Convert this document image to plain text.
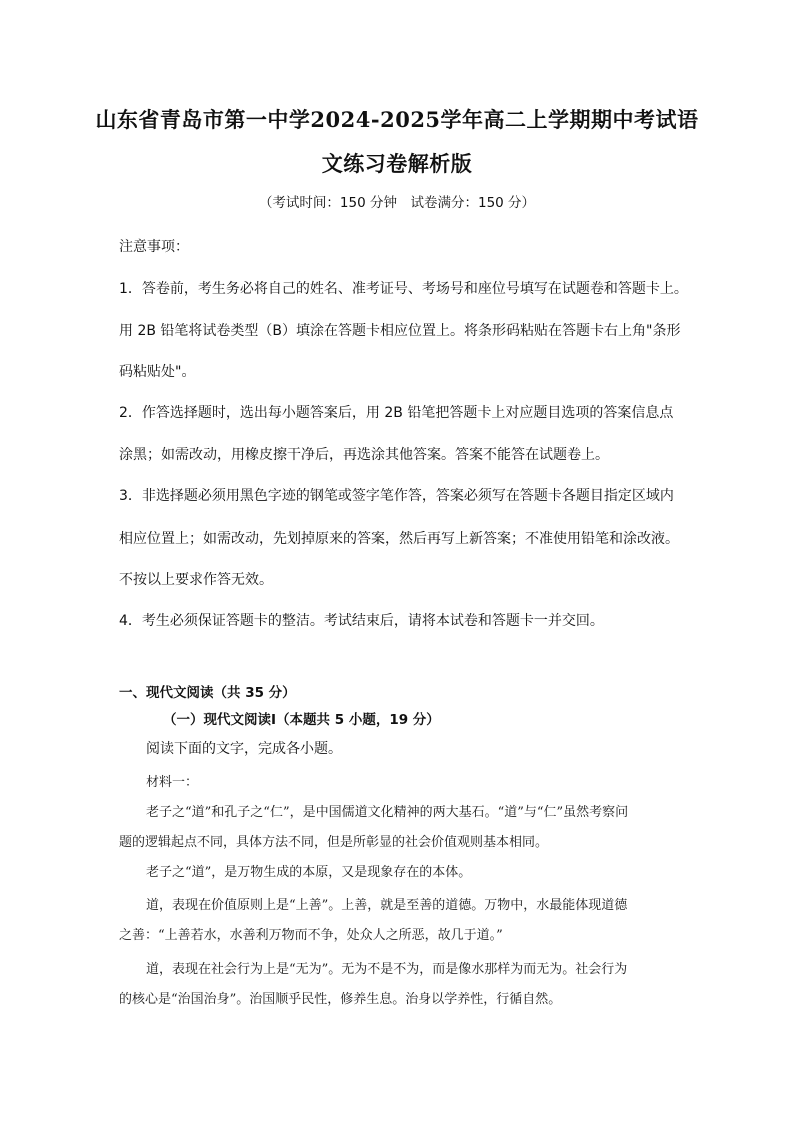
山东省青岛市第一中学2024-2025学年高二上学期期中考试语
文练习卷解析版
（考试时间：150 分钟　试卷满分：150 分）
注意事项：
1．答卷前，考生务必将自己的姓名、准考证号、考场号和座位号填写在试题卷和答题卡上。
用 2B 铅笔将试卷类型（B）填涂在答题卡相应位置上。将条形码粘贴在答题卡右上角"条形
码粘贴处"。
2．作答选择题时，选出每小题答案后，用 2B 铅笔把答题卡上对应题目选项的答案信息点
涂黑；如需改动，用橡皮擦干净后，再选涂其他答案。答案不能答在试题卷上。
3．非选择题必须用黑色字迹的钢笔或签字笔作答，答案必须写在答题卡各题目指定区域内
相应位置上；如需改动，先划掉原来的答案，然后再写上新答案；不准使用铅笔和涂改液。
不按以上要求作答无效。
4．考生必须保证答题卡的整洁。考试结束后，请将本试卷和答题卡一并交回。
一、现代文阅读（共 35 分）
（一）现代文阅读Ⅰ（本题共 5 小题，19 分）
阅读下面的文字，完成各小题。
材料一：
老子之“道”和孔子之“仁”，是中国儒道文化精神的两大基石。“道”与“仁”虽然考察问
题的逻辑起点不同，具体方法不同，但是所彰显的社会价值观则基本相同。
老子之“道”，是万物生成的本原，又是现象存在的本体。
道，表现在价值原则上是“上善”。上善，就是至善的道德。万物中，水最能体现道德
之善：“上善若水，水善利万物而不争，处众人之所恶，故几于道。”
道，表现在社会行为上是“无为”。无为不是不为，而是像水那样为而无为。社会行为
的核心是“治国治身”。治国顺乎民性，修养生息。治身以学养性，行循自然。
